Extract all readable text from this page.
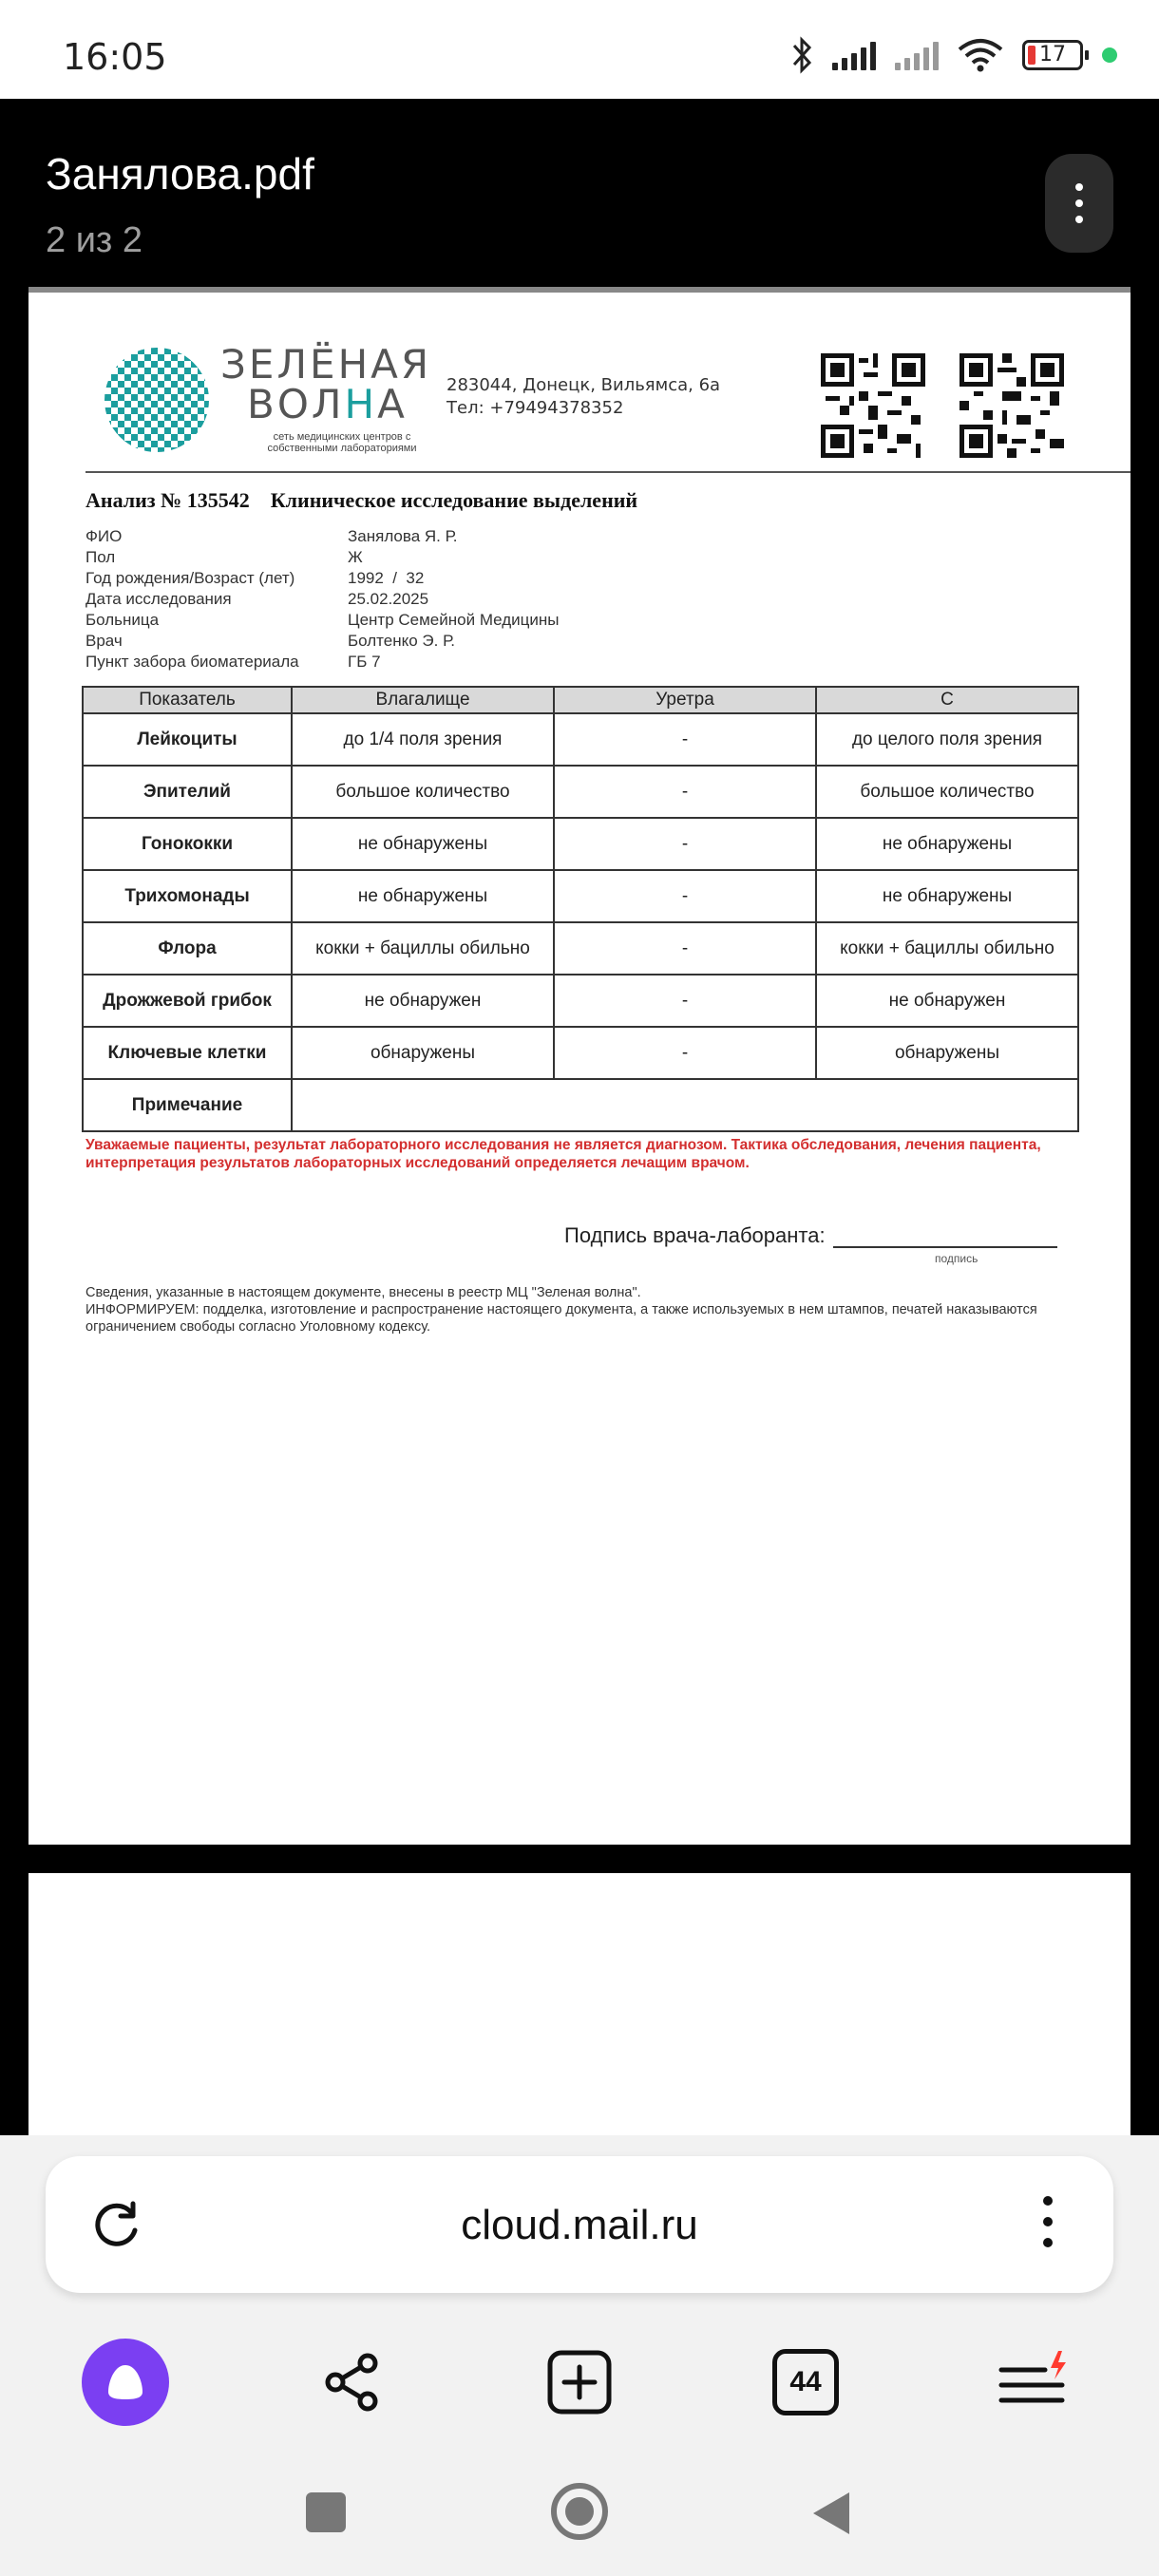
16:05	17
Занялова.pdf
2 из 2
ЗЕЛЁНАЯ
ВОЛНА
сеть медицинских центров с собственными лабораториями
283044, Донецк, Вильямса, 6а
Тел: +79494378352
Анализ № 135542 Клиническое исследование выделений
ФИО	Занялова Я. Р.
Пол	Ж
Год рождения/Возраст (лет)	1992  /  32
Дата исследования	25.02.2025
Больница	Центр Семейной Медицины
Врач	Болтенко Э. Р.
Пункт забора биоматериала	ГБ 7
Показатель	Влагалище	Уретра	С
Лейкоциты	до 1/4 поля зрения	-	до целого поля зрения
Эпителий	большое количество	-	большое количество
Гонококки	не обнаружены	-	не обнаружены
Трихомонады	не обнаружены	-	не обнаружены
Флора	кокки + бациллы обильно	-	кокки + бациллы обильно
Дрожжевой грибок	не обнаружен	-	не обнаружен
Ключевые клетки	обнаружены	-	обнаружены
Примечание			
Уважаемые пациенты, результат лабораторного исследования не является диагнозом. Тактика обследования, лечения пациента, интерпретация результатов лабораторных исследований определяется лечащим врачом.
Подпись врача-лаборанта:
подпись
Сведения, указанные в настоящем документе, внесены в реестр МЦ "Зеленая волна".
ИНФОРМИРУЕМ: подделка, изготовление и распространение настоящего документа, а также используемых в нем штампов, печатей наказываются ограничением свободы согласно Уголовному кодексу.
cloud.mail.ru
44
